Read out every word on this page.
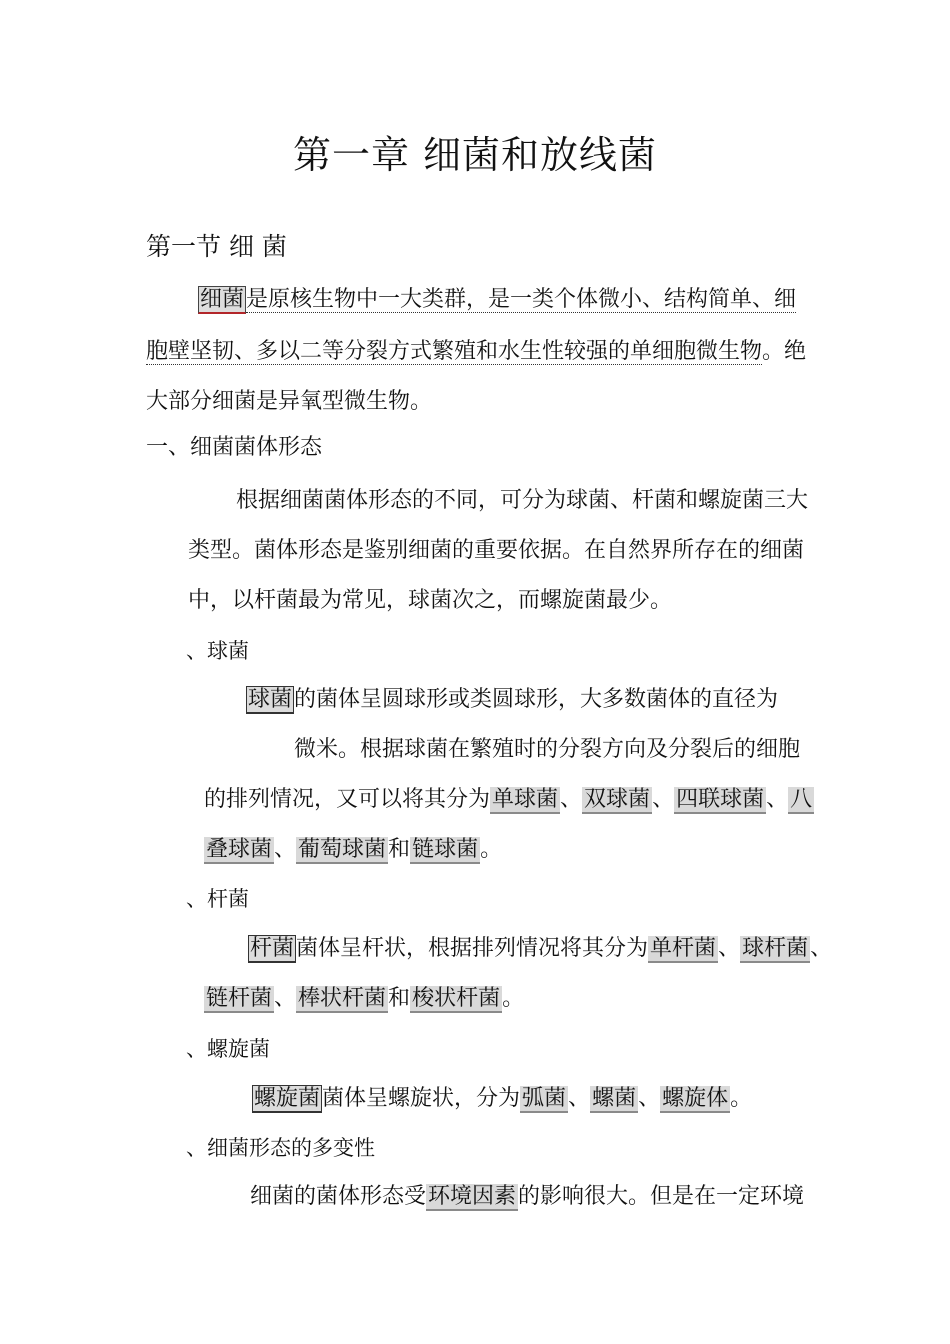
第一章 细菌和放线菌
第一节 细 菌
细菌是原核生物中一大类群，是一类个体微小、结构简单、细
胞壁坚韧、多以二等分裂方式繁殖和水生性较强的单细胞微生物。绝
大部分细菌是异氧型微生物。
一、细菌菌体形态
根据细菌菌体形态的不同，可分为球菌、杆菌和螺旋菌三大
类型。菌体形态是鉴别细菌的重要依据。在自然界所存在的细菌
中，以杆菌最为常见，球菌次之，而螺旋菌最少。
、球菌
球菌的菌体呈圆球形或类圆球形，大多数菌体的直径为
微米。根据球菌在繁殖时的分裂方向及分裂后的细胞
的排列情况，又可以将其分为单球菌、双球菌、四联球菌、八
叠球菌、葡萄球菌和链球菌。
、杆菌
杆菌菌体呈杆状，根据排列情况将其分为单杆菌、球杆菌、
链杆菌、棒状杆菌和梭状杆菌。
、螺旋菌
螺旋菌菌体呈螺旋状，分为弧菌、螺菌、螺旋体。
、细菌形态的多变性
细菌的菌体形态受环境因素的影响很大。但是在一定环境
